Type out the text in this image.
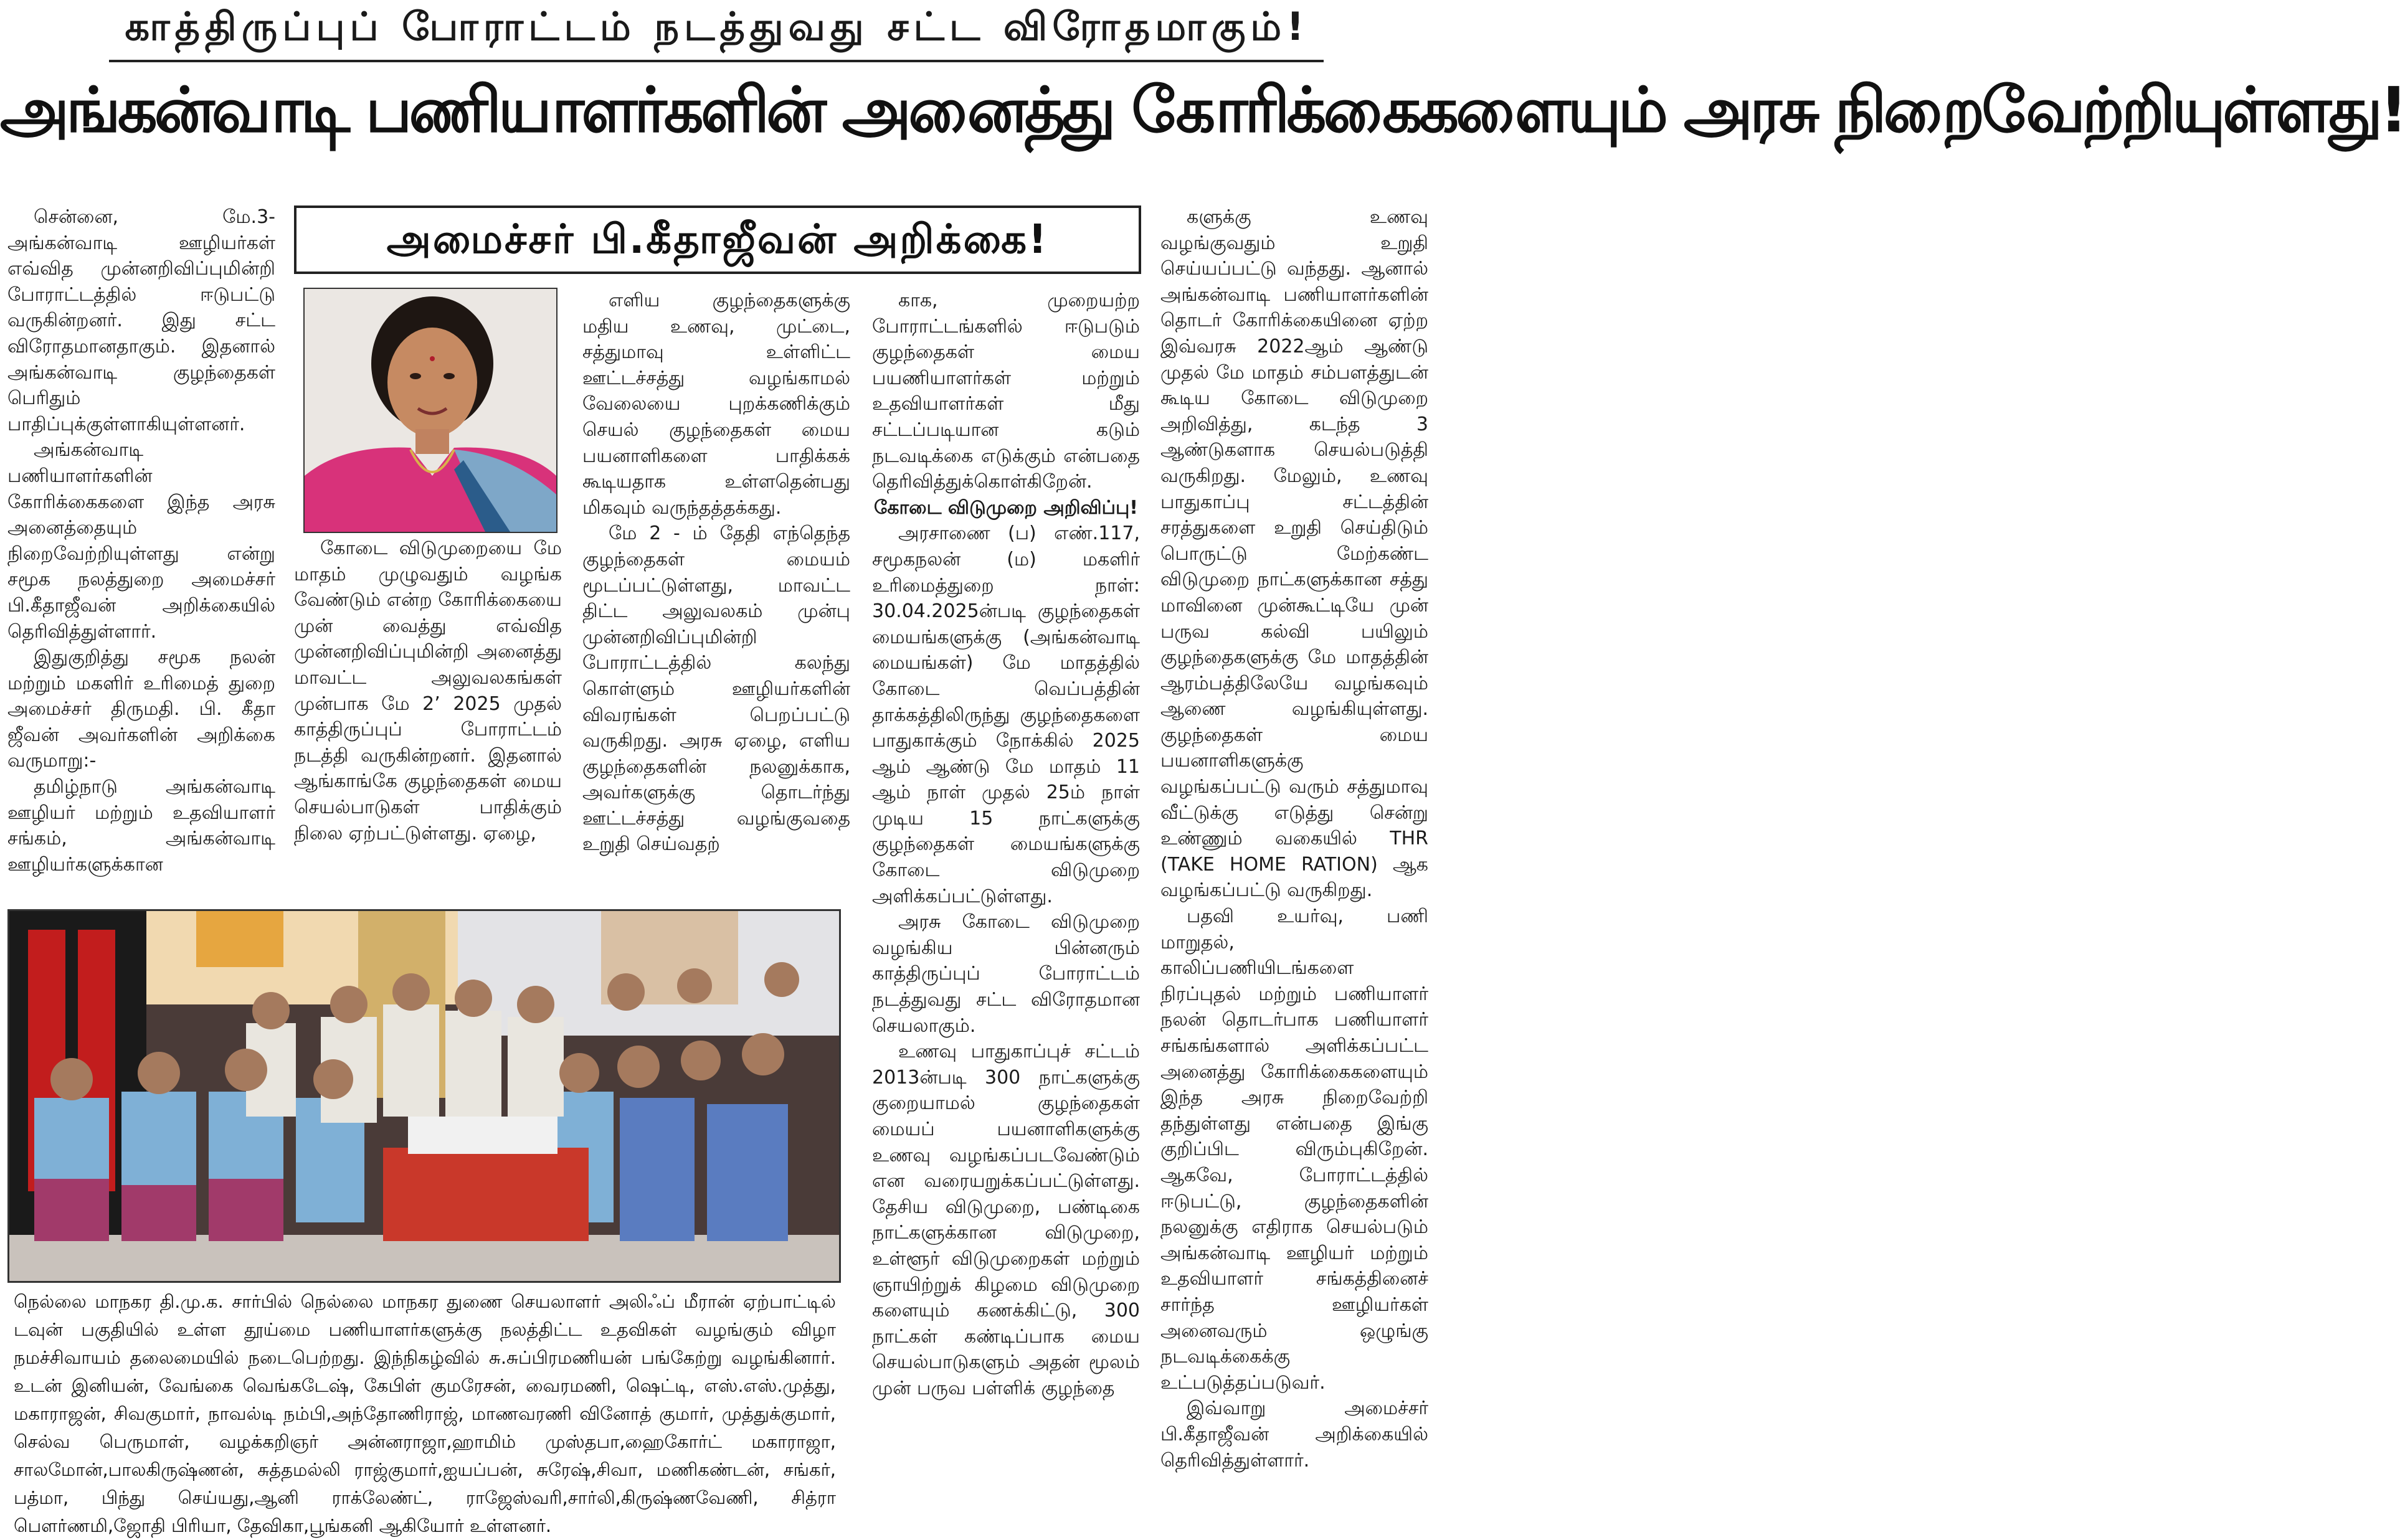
காத்திருப்புப் போராட்டம் நடத்துவது சட்ட விரோதமாகும்!
அங்கன்வாடி பணியாளர்களின் அனைத்து கோரிக்கைகளையும் அரசு நிறைவேற்றியுள்ளது!
அமைச்சர் பி.கீதாஜீவன் அறிக்கை!

சென்னை, மே.3- அங்கன்வாடி ஊழியர்கள் எவ்வித முன்னறிவிப்புமின்றி போராட்டத்தில் ஈடுபட்டு வருகின்றனர். இது சட்ட விரோதமானதாகும். இதனால் அங்கன்வாடி குழந்தைகள் பெரிதும் பாதிப்புக்குள்ளாகியுள்ளனர்.

அங்கன்வாடி பணியாளர்களின் கோரிக்கைகளை இந்த அரசு அனைத்தையும் நிறைவேற்றியுள்ளது என்று சமூக நலத்துறை அமைச்சர் பி.கீதாஜீவன் அறிக்கையில் தெரிவித்துள்ளார்.

இதுகுறித்து சமூக நலன் மற்றும் மகளிர் உரிமைத் துறை அமைச்சர் திருமதி. பி. கீதா ஜீவன் அவர்களின் அறிக்கை வருமாறு:-

தமிழ்நாடு அங்கன்வாடி ஊழியர் மற்றும் உதவியாளர் சங்கம், அங்கன்வாடி ஊழியர்களுக்கான

கோடை விடுமுறையை மே மாதம் முழுவதும் வழங்க வேண்டும் என்ற கோரிக்கையை முன் வைத்து எவ்வித முன்னறிவிப்புமின்றி அனைத்து மாவட்ட அலுவலகங்கள் முன்பாக மே 2’ 2025 முதல் காத்திருப்புப் போராட்டம் நடத்தி வருகின்றனர். இதனால் ஆங்காங்கே குழந்தைகள் மைய செயல்பாடுகள் பாதிக்கும் நிலை ஏற்பட்டுள்ளது. ஏழை,

எளிய குழந்தைகளுக்கு மதிய உணவு, முட்டை, சத்துமாவு உள்ளிட்ட ஊட்டச்சத்து வழங்காமல் வேலையை புறக்கணிக்கும் செயல் குழந்தைகள் மைய பயனாளிகளை பாதிக்கக் கூடியதாக உள்ளதென்பது மிகவும் வருந்தத்தக்கது.

மே 2 - ம் தேதி எந்தெந்த குழந்தைகள் மையம் மூடப்பட்டுள்ளது, மாவட்ட திட்ட அலுவலகம் முன்பு முன்னறிவிப்புமின்றி போராட்டத்தில் கலந்து கொள்ளும் ஊழியர்களின் விவரங்கள் பெறப்பட்டு வருகிறது. அரசு ஏழை, எளிய குழந்தைகளின் நலனுக்காக, அவர்களுக்கு தொடர்ந்து ஊட்டச்சத்து வழங்குவதை உறுதி செய்வதற்

காக, முறையற்ற போராட்டங்களில் ஈடுபடும் குழந்தைகள் மைய பயணியாளர்கள் மற்றும் உதவியாளர்கள் மீது சட்டப்படியான கடும் நடவடிக்கை எடுக்கும் என்பதை தெரிவித்துக்கொள்கிறேன்.

கோடை விடுமுறை அறிவிப்பு!

அரசாணை (ப) எண்.117, சமூகநலன் (ம) மகளிர் உரிமைத்துறை நாள்: 30.04.2025ன்படி குழந்தைகள் மையங்களுக்கு (அங்கன்வாடி மையங்கள்) மே மாதத்தில் கோடை வெப்பத்தின் தாக்கத்திலிருந்து குழந்தைகளை பாதுகாக்கும் நோக்கில் 2025 ஆம் ஆண்டு மே மாதம் 11 ஆம் நாள் முதல் 25ம் நாள் முடிய 15 நாட்களுக்கு குழந்தைகள் மையங்களுக்கு கோடை விடுமுறை அளிக்கப்பட்டுள்ளது.

அரசு கோடை விடுமுறை வழங்கிய பின்னரும் காத்திருப்புப் போராட்டம் நடத்துவது சட்ட விரோதமான செயலாகும்.

உணவு பாதுகாப்புச் சட்டம் 2013ன்படி 300 நாட்களுக்கு குறையாமல் குழந்தைகள் மையப் பயனாளிகளுக்கு உணவு வழங்கப்படவேண்டும் என வரையறுக்கப்பட்டுள்ளது. தேசிய விடுமுறை, பண்டிகை நாட்களுக்கான விடுமுறை, உள்ளூர் விடுமுறைகள் மற்றும் ஞாயிற்றுக் கிழமை விடுமுறை களையும் கணக்கிட்டு, 300 நாட்கள் கண்டிப்பாக மைய செயல்பாடுகளும் அதன் மூலம் முன் பருவ பள்ளிக் குழந்தை

களுக்கு உணவு வழங்குவதும் உறுதி செய்யப்பட்டு வந்தது. ஆனால் அங்கன்வாடி பணியாளர்களின் தொடர் கோரிக்கையினை ஏற்ற இவ்வரசு 2022ஆம் ஆண்டு முதல் மே மாதம் சம்பளத்துடன் கூடிய கோடை விடுமுறை அறிவித்து, கடந்த 3 ஆண்டுகளாக செயல்படுத்தி வருகிறது. மேலும், உணவு பாதுகாப்பு சட்டத்தின் சரத்துகளை உறுதி செய்திடும் பொருட்டு மேற்கண்ட விடுமுறை நாட்களுக்கான சத்து மாவினை முன்கூட்டியே முன் பருவ கல்வி பயிலும் குழந்தைகளுக்கு மே மாதத்தின் ஆரம்பத்திலேயே வழங்கவும் ஆணை வழங்கியுள்ளது. குழந்தைகள் மைய பயனாளிகளுக்கு வழங்கப்பட்டு வரும் சத்துமாவு வீட்டுக்கு எடுத்து சென்று உண்ணும் வகையில் THR (TAKE HOME RATION) ஆக வழங்கப்பட்டு வருகிறது.

பதவி உயர்வு, பணி மாறுதல், காலிப்பணியிடங்களை நிரப்புதல் மற்றும் பணியாளர் நலன் தொடர்பாக பணியாளர் சங்கங்களால் அளிக்கப்பட்ட அனைத்து கோரிக்கைகளையும் இந்த அரசு நிறைவேற்றி தந்துள்ளது என்பதை இங்கு குறிப்பிட விரும்புகிறேன். ஆகவே, போராட்டத்தில் ஈடுபட்டு, குழந்தைகளின் நலனுக்கு எதிராக செயல்படும் அங்கன்வாடி ஊழியர் மற்றும் உதவியாளர் சங்கத்தினைச் சார்ந்த ஊழியர்கள் அனைவரும் ஒழுங்கு நடவடிக்கைக்கு உட்படுத்தப்படுவர்.

இவ்வாறு அமைச்சர் பி.கீதாஜீவன் அறிக்கையில் தெரிவித்துள்ளார்.

நெல்லை மாநகர தி.மு.க. சார்பில் நெல்லை மாநகர துணை செயலாளர் அலிஃப் மீரான் ஏற்பாட்டில் டவுன் பகுதியில் உள்ள தூய்மை பணியாளர்களுக்கு நலத்திட்ட உதவிகள் வழங்கும் விழா நமச்சிவாயம் தலைமையில் நடைபெற்றது. இந்நிகழ்வில் சு.சுப்பிரமணியன் பங்கேற்று வழங்கினார். உடன் இனியன், வேங்கை வெங்கடேஷ், கேபிள் குமரேசன், வைரமணி, ஷெட்டி, எஸ்.எஸ்.முத்து, மகாராஜன், சிவகுமார், நாவல்டி நம்பி,அந்தோணிராஜ், மாணவரணி வினோத் குமார், முத்துக்குமார், செல்வ பெருமாள், வழக்கறிஞர் அன்னராஜா,ஹாமிம் முஸ்தபா,ஹைகோர்ட் மகாராஜா, சாலமோன்,பாலகிருஷ்ணன், சுத்தமல்லி ராஜ்குமார்,ஐயப்பன், சுரேஷ்,சிவா, மணிகண்டன், சங்கர், பத்மா, பிந்து செய்யது,ஆனி ராக்லேண்ட், ராஜேஸ்வரி,சார்லி,கிருஷ்ணவேணி, சித்ரா பௌர்ணமி,ஜோதி பிரியா, தேவிகா,பூங்கனி ஆகியோர் உள்ளனர்.
